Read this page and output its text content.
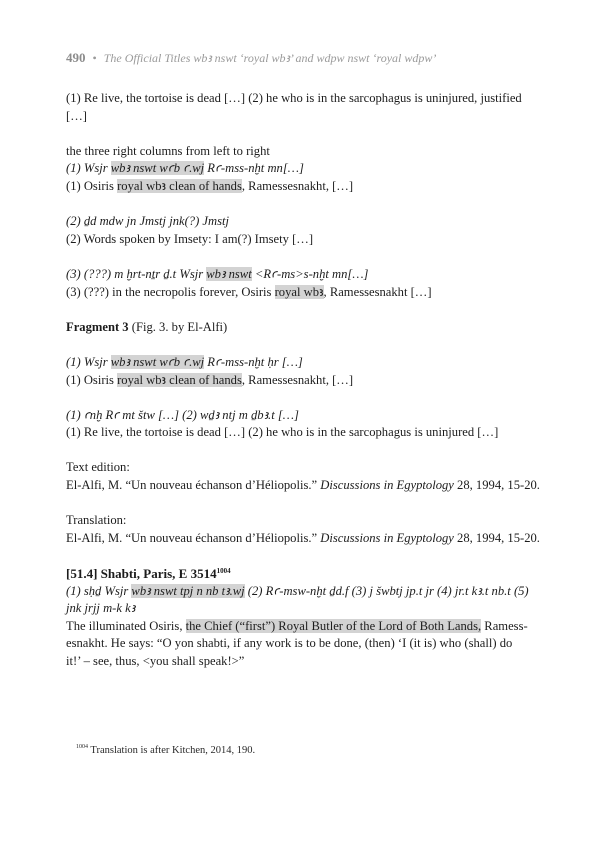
490 • The Official Titles wbꜣ nswt ‘royal wbꜣ’ and wdpw nswt ‘royal wdpw’

(1) Re live, the tortoise is dead […] (2) he who is in the sarcophagus is uninjured, justified

[…]

the three right columns from left to right

(1) Wsjr wbꜣ nswt wꜥb ꜥ.wj Rꜥ-mss-nḫt mn[…]

(1) Osiris royal wbꜣ clean of hands, Ramessesnakht, […]

(2) ḏd mdw jn Jmstj jnk(?) Jmstj

(2) Words spoken by Imsety: I am(?) Imsety […]

(3) (???) m ḫrt-nṯr ḏ.t Wsjr wbꜣ nswt <Rꜥ-ms>s-nḫt mn[…]

(3) (???) in the necropolis forever, Osiris royal wbꜣ, Ramessesnakht […]

Fragment 3 (Fig. 3. by El-Alfi)

(1) Wsjr wbꜣ nswt wꜥb ꜥ.wj Rꜥ-mss-nḫt ḥr […]

(1) Osiris royal wbꜣ clean of hands, Ramessesnakht, […]

(1) ꜥnḫ Rꜥ mt štw […] (2) wḏꜣ ntj m ḏbꜣ.t […]

(1) Re live, the tortoise is dead […] (2) he who is in the sarcophagus is uninjured […]

Text edition:

El-Alfi, M. “Un nouveau échanson d’Héliopolis.” Discussions in Egyptology 28, 1994, 15-20.

Translation:

El-Alfi, M. “Un nouveau échanson d’Héliopolis.” Discussions in Egyptology 28, 1994, 15-20.

[51.4] Shabti, Paris, E $3514^{1004}$

(1) sḥḏ Wsjr wbꜣ nswt tpj n nb tꜣ.wj (2) Rꜥ-msw-nḫt ḏd.f (3) j šwbtj jp.t jr (4) jr.t kꜣ.t nb.t (5)

jnk jrjj m-k kꜣ

The illuminated Osiris, the Chief (“first”) Royal Butler of the Lord of Both Lands, Ramess-

esnakht. He says: “O yon shabti, if any work is to be done, (then) ‘I (it is) who (shall) do

it!’ – see, thus, <you shall speak!>”

$^{1004}$ Translation is after Kitchen, 2014, 190.
